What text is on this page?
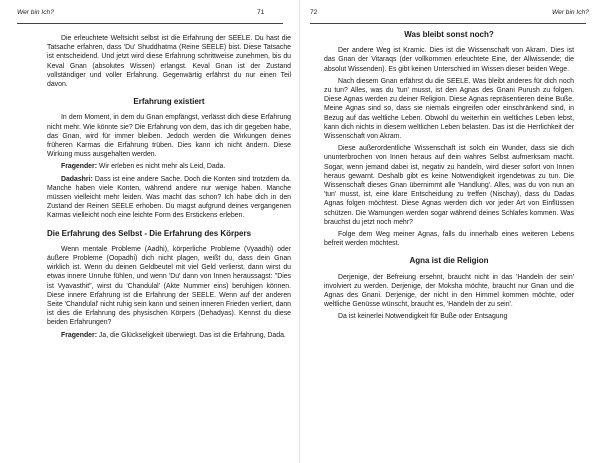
Wer bin Ich?	71

Die erleuchtete Weltsicht selbst ist die Erfahrung der SEELE. Du hast die Tatsache erfahren, dass 'Du' Shuddhatma (Reine SEELE) bist. Diese Tatsache ist entscheidend. Und jetzt wird diese Erfahrung schrittweise zunehmen, bis du Keval Gnan (absolutes Wissen) erlangst. Keval Gnan ist der Zustand vollständiger und voller Erfahrung. Gegenwärtig erfährst du nur einen Teil davon.

Erfahrung existiert

In dem Moment, in dem du Gnan empfängst, verlässt dich diese Erfahrung nicht mehr. Wie könnte sie? Die Erfahrung von dem, das ich dir gegeben habe, das Gnan, wird für immer bleiben. Jedoch werden die Wirkungen deines früheren Karmas die Erfahrung trüben. Dies kann ich nicht ändern. Diese Wirkung muss ausgehalten werden.

Fragender: Wir erleben es nicht mehr als Leid, Dada.

Dadashri: Dass ist eine andere Sache. Doch die Konten sind trotzdem da. Manche haben viele Konten, während andere nur wenige haben. Manche müssen vielleicht mehr leiden. Was macht das schon? Ich habe dich in den Zustand der Reinen SEELE erhoben. Du magst aufgrund deines vergangenen Karmas vielleicht noch eine leichte Form des Erstickens erleben.

Die Erfahrung des Selbst - Die Erfahrung des Körpers

Wenn mentale Probleme (Aadhi), körperliche Probleme (Vyaadhi) oder äußere Probleme (Oopadhi) dich nicht plagen, weißt du, dass dein Gnan wirklich ist. Wenn du deinen Geldbeutel mit viel Geld verlierst, dann wirst du etwas innere Unruhe fühlen, und wenn 'Du' dann von Innen heraussagst: "Dies ist Vyavasthit", wirst du 'Chandulal' (Akte Nummer eins) beruhigen können. Diese innere Erfahrung ist die Erfahrung der SEELE. Wenn auf der anderen Seite 'Chandulal' nicht ruhig sein kann und seinen inneren Frieden verliert, dann ist dies die Erfahrung des physischen Körpers (Dehadyas). Kennst du diese beiden Erfahrungen?

Fragender: Ja, die Glückseligkeit überwiegt. Das ist die Erfahrung, Dada.

72	Wer bin Ich?
Was bleibt sonst noch?

Der andere Weg ist Kramic. Dies ist die Wissenschaft von Akram. Dies ist das Gnan der Vitaraqs (der vollkommen erleuchtete Eine, der Allwissende; die absolut Wissenden). Es gibt keinen Unterschied im Wissen dieser beiden Wege.

Nach diesem Gnan erfährst du die SEELE. Was bleibt anderes für dich noch zu tun? Alles, was du 'tun' musst, ist den Agnas des Gnani Purush zu folgen. Diese Agnas werden zu deiner Religion. Diese Agnas repräsentieren deine Buße. Meine Agnas sind so, dass sie niemals eingreifen oder einschränkend sind, in Bezug auf das weltliche Leben. Obwohl du weiterhin ein weltliches Leben lebst, kann dich nichts in diesem weltlichen Leben belasten. Das ist die Herrlichkeit der Wissenschaft von Akram.

Diese außerordentliche Wissenschaft ist solch ein Wunder, dass sie dich ununterbrochen von Innen heraus auf dein wahres Selbst aufmerksam macht. Sogar, wenn jemand dabei ist, negativ zu handeln, wird dieser sofort von Innen heraus gewarnt. Deshalb gibt es keine Notwendigkeit irgendetwas zu tun. Die Wissenschaft dieses Gnan übernimmt alle 'Handlung'. Alles, was du von nun an 'tun' musst, ist, eine klare Entscheidung zu treffen (Nischay), dass du Dadas Agnas folgen möchtest. Diese Agnas werden dich vor jeder Art von Einflüssen schützen. Die Warnungen werden sogar während deines Schlafes kommen. Was brauchst du jetzt noch mehr?

Folge dem Weg meiner Agnas, falls du innerhalb eines weiteren Lebens befreit werden möchtest.

Agna ist die Religion

Derjenige, der Befreiung ersehnt, braucht nicht in das 'Handeln der sein' involviert zu werden. Derjenige, der Moksha möchte, braucht nur Gnan und die Agnas des Gnani. Derjenige, der nicht in den Himmel kommen möchte, oder weltliche Genüsse wünscht, braucht es, 'Handeln der zu sein'.

Da ist keinerlei Notwendigkeit für Buße oder Entsagung
